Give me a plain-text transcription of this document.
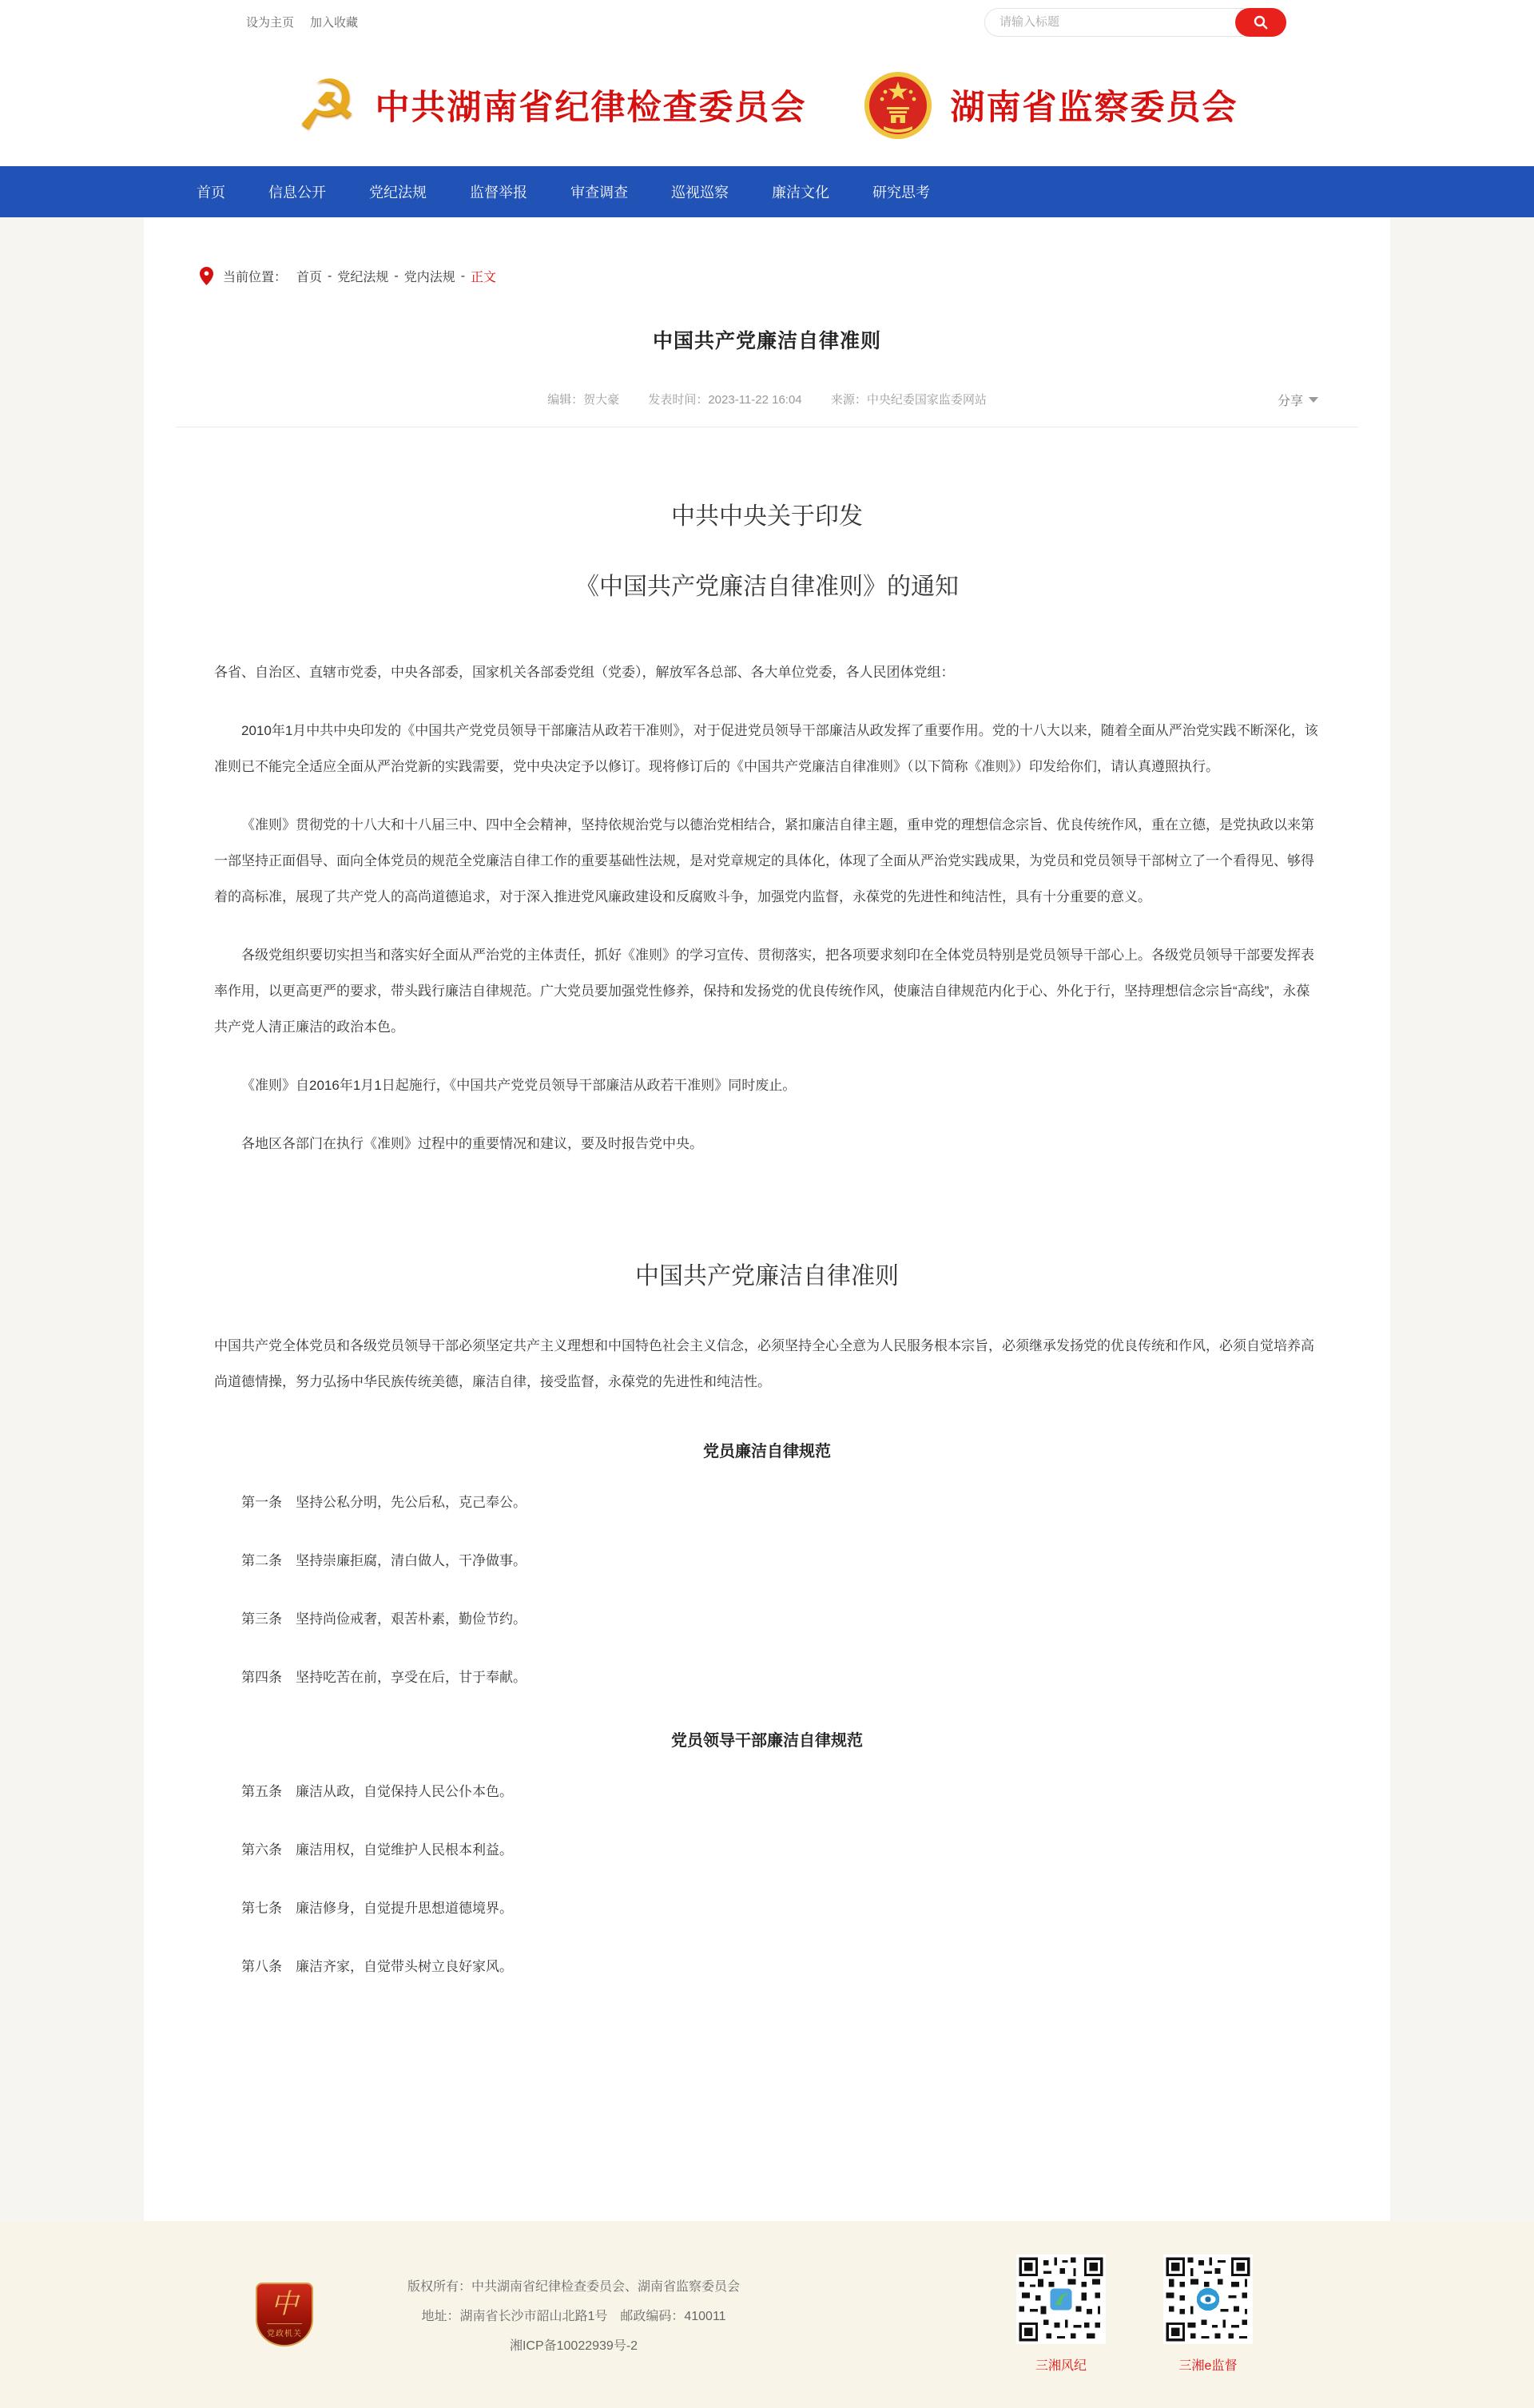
设为主页 加入收藏
请输入标题
☭ 中共湖南省纪律检查委员会	湖南省监察委员会
首页	信息公开	党纪法规	监督举报	审查调查	巡视巡察	廉洁文化	研究思考
当前位置： 首页 - 党纪法规 - 党内法规 - 正文
中国共产党廉洁自律准则
编辑：贺大豪 发表时间：2023-11-22 16:04 来源：中央纪委国家监委网站	分享
中共中央关于印发
《中国共产党廉洁自律准则》的通知

各省、自治区、直辖市党委，中央各部委，国家机关各部委党组（党委），解放军各总部、各大单位党委，各人民团体党组：

2010年1月中共中央印发的《中国共产党党员领导干部廉洁从政若干准则》，对于促进党员领导干部廉洁从政发挥了重要作用。党的十八大以来，随着全面从严治党实践不断深化，该准则已不能完全适应全面从严治党新的实践需要，党中央决定予以修订。现将修订后的《中国共产党廉洁自律准则》（以下简称《准则》）印发给你们，请认真遵照执行。

《准则》贯彻党的十八大和十八届三中、四中全会精神，坚持依规治党与以德治党相结合，紧扣廉洁自律主题，重申党的理想信念宗旨、优良传统作风，重在立德，是党执政以来第一部坚持正面倡导、面向全体党员的规范全党廉洁自律工作的重要基础性法规，是对党章规定的具体化，体现了全面从严治党实践成果，为党员和党员领导干部树立了一个看得见、够得着的高标准，展现了共产党人的高尚道德追求，对于深入推进党风廉政建设和反腐败斗争，加强党内监督，永葆党的先进性和纯洁性，具有十分重要的意义。

各级党组织要切实担当和落实好全面从严治党的主体责任，抓好《准则》的学习宣传、贯彻落实，把各项要求刻印在全体党员特别是党员领导干部心上。各级党员领导干部要发挥表率作用，以更高更严的要求，带头践行廉洁自律规范。广大党员要加强党性修养，保持和发扬党的优良传统作风，使廉洁自律规范内化于心、外化于行，坚持理想信念宗旨“高线”，永葆共产党人清正廉洁的政治本色。

《准则》自2016年1月1日起施行，《中国共产党党员领导干部廉洁从政若干准则》同时废止。

各地区各部门在执行《准则》过程中的重要情况和建议，要及时报告党中央。

中国共产党廉洁自律准则

中国共产党全体党员和各级党员领导干部必须坚定共产主义理想和中国特色社会主义信念，必须坚持全心全意为人民服务根本宗旨，必须继承发扬党的优良传统和作风，必须自觉培养高尚道德情操，努力弘扬中华民族传统美德，廉洁自律，接受监督，永葆党的先进性和纯洁性。

党员廉洁自律规范

第一条　坚持公私分明，先公后私，克己奉公。

第二条　坚持崇廉拒腐，清白做人，干净做事。

第三条　坚持尚俭戒奢，艰苦朴素，勤俭节约。

第四条　坚持吃苦在前，享受在后，甘于奉献。

党员领导干部廉洁自律规范

第五条　廉洁从政，自觉保持人民公仆本色。

第六条　廉洁用权，自觉维护人民根本利益。

第七条　廉洁修身，自觉提升思想道德境界。

第八条　廉洁齐家，自觉带头树立良好家风。

中
党政机关
版权所有：中共湖南省纪律检查委员会、湖南省监察委员会
地址：湖南省长沙市韶山北路1号　邮政编码：410011
湘ICP备10022939号-2
三湘风纪	三湘e监督
